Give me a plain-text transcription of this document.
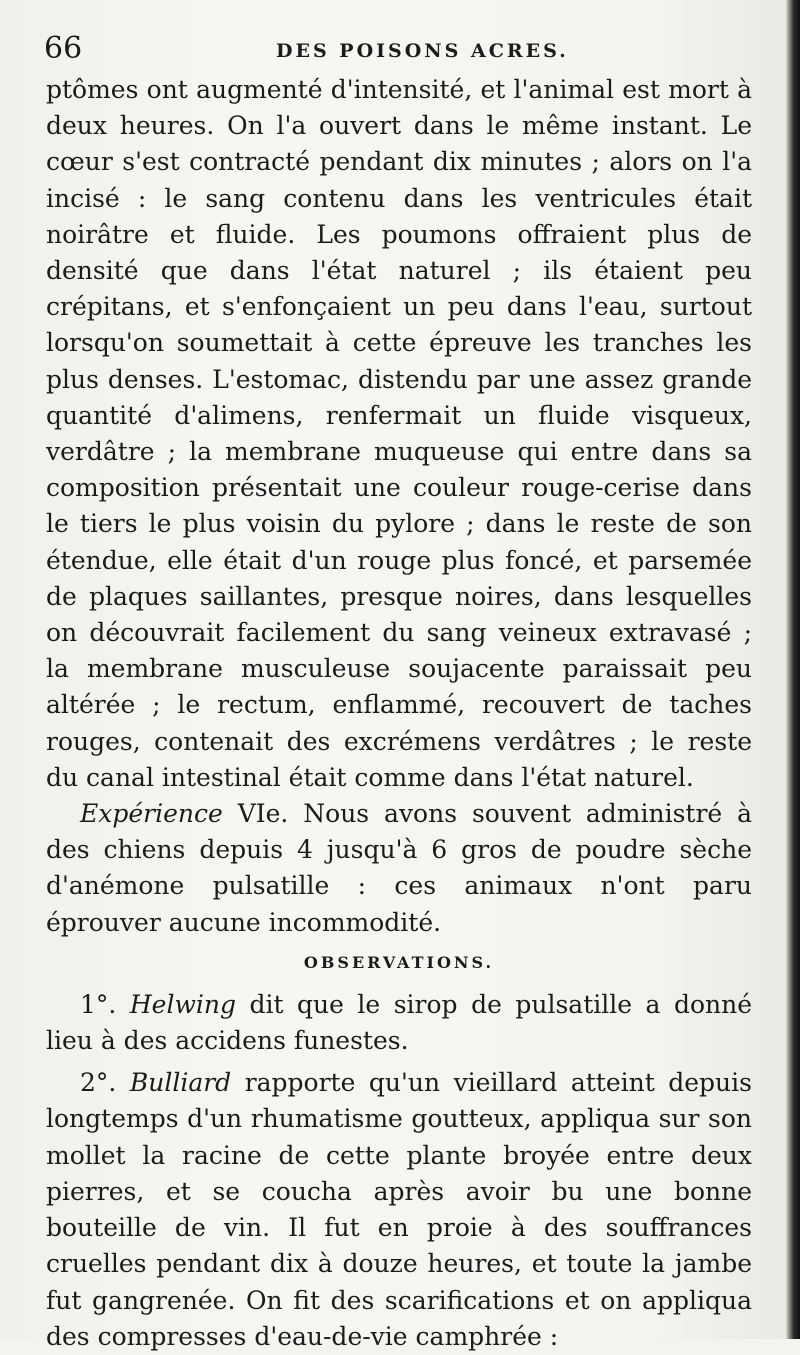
66	DES POISONS ACRES.

ptômes ont augmenté d'intensité, et l'animal est mort à deux heures. On l'a ouvert dans le même instant. Le cœur s'est contracté pendant dix minutes ; alors on l'a incisé : le sang contenu dans les ventricules était noirâtre et fluide. Les poumons offraient plus de densité que dans l'état naturel ; ils étaient peu crépitans, et s'enfonçaient un peu dans l'eau, surtout lorsqu'on soumettait à cette épreuve les tranches les plus denses. L'estomac, distendu par une assez grande quantité d'alimens, renfermait un fluide visqueux, verdâtre ; la membrane muqueuse qui entre dans sa composition présentait une couleur rouge-cerise dans le tiers le plus voisin du pylore ; dans le reste de son étendue, elle était d'un rouge plus foncé, et parsemée de plaques saillantes, presque noires, dans lesquelles on découvrait facilement du sang veineux extravasé ; la membrane musculeuse soujacente paraissait peu altérée ; le rectum, enflammé, recouvert de taches rouges, contenait des excrémens verdâtres ; le reste du canal intestinal était comme dans l'état naturel.

Expérience VIe. Nous avons souvent administré à des chiens depuis 4 jusqu'à 6 gros de poudre sèche d'anémone pulsatille : ces animaux n'ont paru éprouver aucune incommodité.

OBSERVATIONS.

1°. Helwing dit que le sirop de pulsatille a donné lieu à des accidens funestes.

2°. Bulliard rapporte qu'un vieillard atteint depuis longtemps d'un rhumatisme goutteux, appliqua sur son mollet la racine de cette plante broyée entre deux pierres, et se coucha après avoir bu une bonne bouteille de vin. Il fut en proie à des souffrances cruelles pendant dix à douze heures, et toute la jambe fut gangrenée. On fit des scarifications et on appliqua des compresses d'eau-de-vie camphrée :
